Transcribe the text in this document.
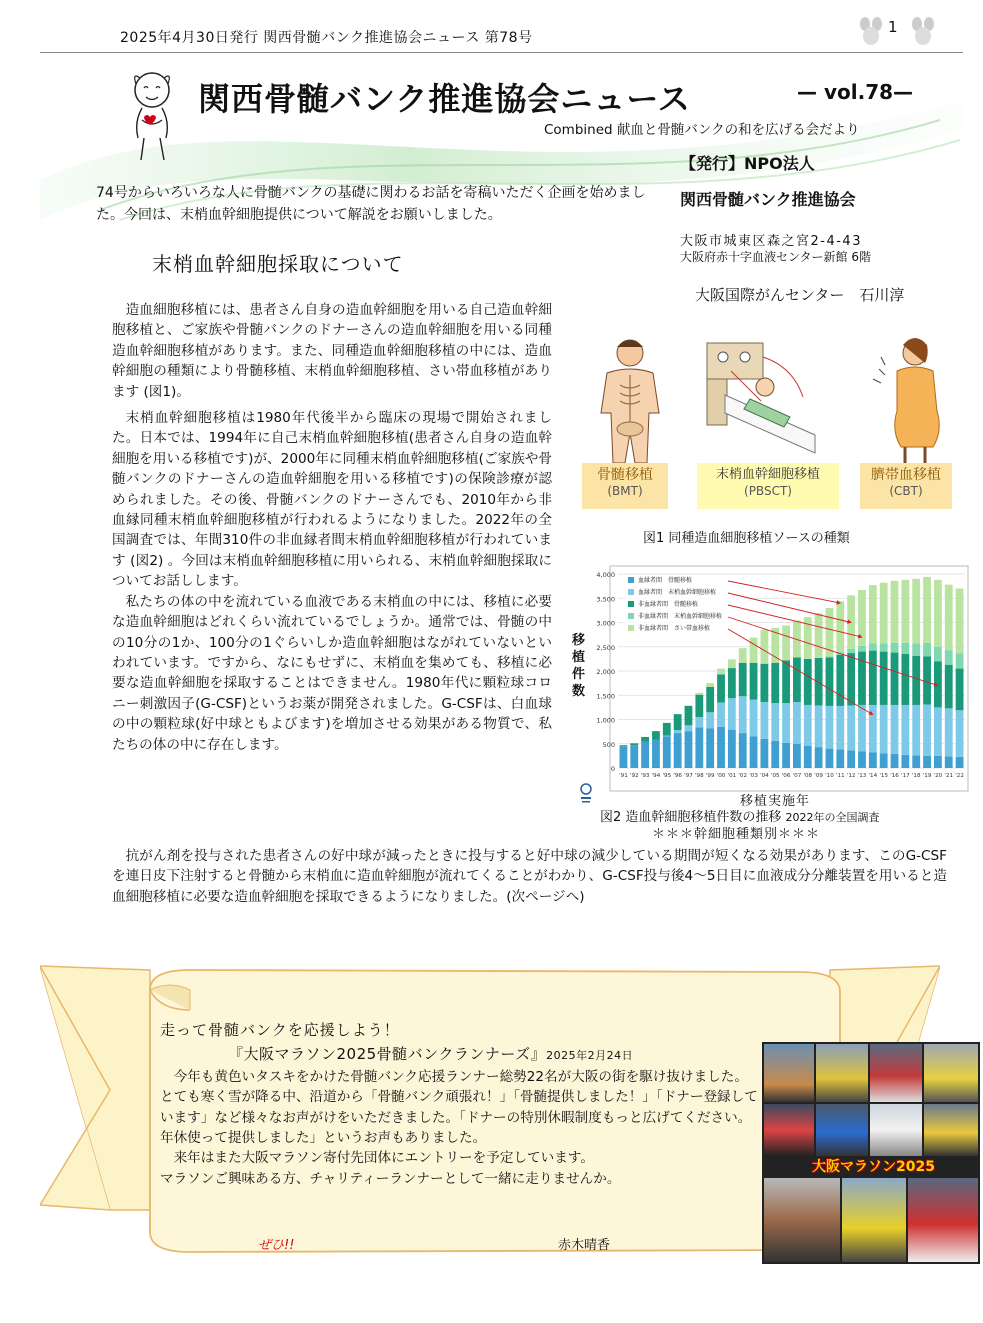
2025年4月30日発行 関西骨髄バンク推進協会ニュース 第78号
1
関西骨髄バンク推進協会ニュース	— vol.78—
Combined 献血と骨髄バンクの和を広げる会だより
74号からいろいろな人に骨髄バンクの基礎に関わるお話を寄稿いただく企画を始めました。今回は、末梢血幹細胞提供について解説をお願いしました。
【発行】NPO法人
関西骨髄バンク推進協会
大阪市城東区森之宮2-4-43
大阪府赤十字血液センター新館 6階
末梢血幹細胞採取について
大阪国際がんセンター　石川淳

造血細胞移植には、患者さん自身の造血幹細胞を用いる自己造血幹細胞移植と、ご家族や骨髄バンクのドナーさんの造血幹細胞を用いる同種造血幹細胞移植があります。また、同種造血幹細胞移植の中には、造血幹細胞の種類により骨髄移植、末梢血幹細胞移植、さい帯血移植があります (図1)。

末梢血幹細胞移植は1980年代後半から臨床の現場で開始されました。日本では、1994年に自己末梢血幹細胞移植(患者さん自身の造血幹細胞を用いる移植です)が、2000年に同種末梢血幹細胞移植(ご家族や骨髄バンクのドナーさんの造血幹細胞を用いる移植です)の保険診療が認められました。その後、骨髄バンクのドナーさんでも、2010年から非血縁同種末梢血幹細胞移植が行われるようになりました。2022年の全国調査では、年間310件の非血縁者間末梢血幹細胞移植が行われています (図2) 。今回は末梢血幹細胞移植に用いられる、末梢血幹細胞採取についてお話しします。

私たちの体の中を流れている血液である末梢血の中には、移植に必要な造血幹細胞はどれくらい流れているでしょうか。通常では、骨髄の中の10分の1か、100分の1ぐらいしか造血幹細胞はながれていないといわれています。ですから、なにもせずに、末梢血を集めても、移植に必要な造血幹細胞を採取することはできません。1980年代に顆粒球コロニー刺激因子(G-CSF)というお薬が開発されました。G-CSFは、白血球の中の顆粒球(好中球ともよびます)を増加させる効果がある物質で、私たちの体の中に存在します。

抗がん剤を投与された患者さんの好中球が減ったときに投与すると好中球の減少している期間が短くなる効果があります、このG-CSFを連日皮下注射すると骨髄から末梢血に造血幹細胞が流れてくることがわかり、G-CSF投与後4～5日目に血液成分分離装置を用いると造血細胞移植に必要な造血幹細胞を採取できるようになりました。(次ページへ)

骨髄移植
(BMT)
末梢血幹細胞移植
(PBSCT)
臍帯血移植
(CBT)
図1 同種造血細胞移植ソースの種類
0
500
1,000
1,500
2,000
2,500
3,000
3,500
4,000
'91 '92 '93 '94 '95 '96 '97 '98 '99 '00 '01 '02 '03 '04 '05 '06 '07 '08 '09 '10 '11 '12 '13 '14 '15 '16 '17 '18 '19 '20 '21 '22
血縁者間　骨髄移植
血縁者間　末梢血幹細胞移植
非血縁者間　骨髄移植
非血縁者間　末梢血幹細胞移植
非血縁者間　さい帯血移植
移植件数
移植実施年
図2 造血幹細胞移植件数の推移 2022年の全国調査
＊＊＊幹細胞種類別＊＊＊
走って骨髄バンクを応援しよう！
『大阪マラソン2025骨髄バンクランナーズ』2025年2月24日
今年も黄色いタスキをかけた骨髄バンク応援ランナー総勢22名が大阪の街を駆け抜けました。とても寒く雪が降る中、沿道から「骨髄バンク頑張れ！」「骨髄提供しました！」「ドナー登録しています」など様々なお声がけをいただきました。「ドナーの特別休暇制度もっと広げてください。年休使って提供しました」というお声もありました。
来年はまた大阪マラソン寄付先団体にエントリーを予定しています。
マラソンご興味ある方、チャリティーランナーとして一緒に走りませんか。
ぜひ!!	赤木晴香
大阪マラソン2025
